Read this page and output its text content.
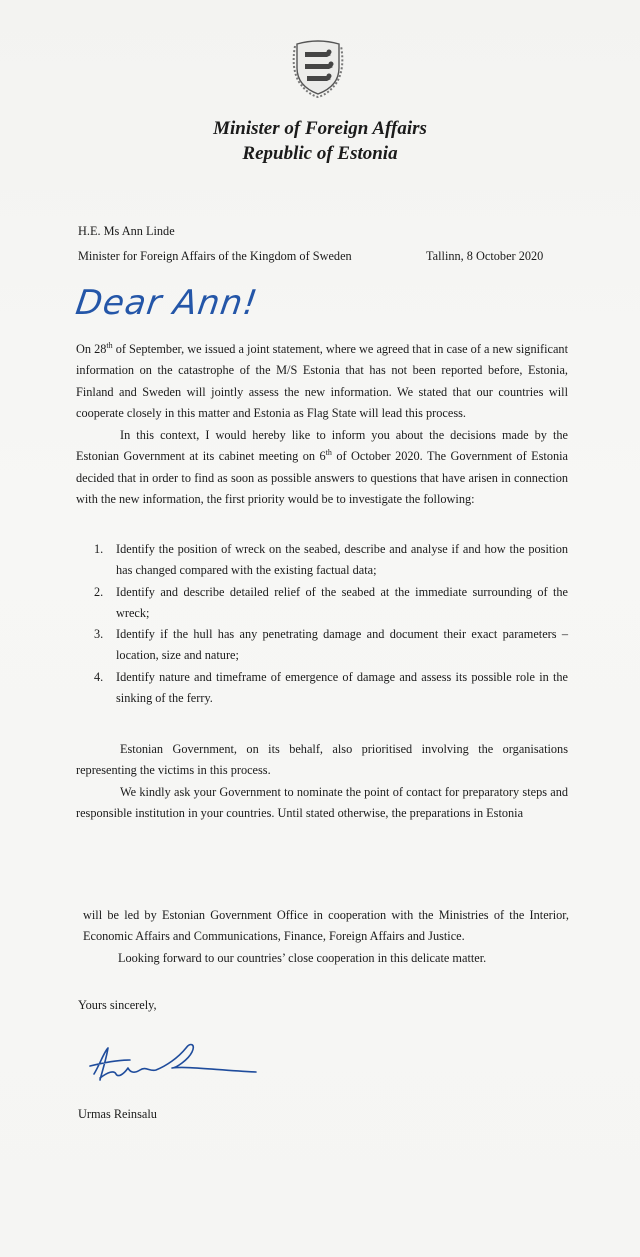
Minister of Foreign Affairs
Republic of Estonia
H.E. Ms Ann Linde
Minister for Foreign Affairs of the Kingdom of Sweden	Tallinn, 8 October 2020
Dear Ann!
On 28th of September, we issued a joint statement, where we agreed that in case of a new significant information on the catastrophe of the M/S Estonia that has not been reported before, Estonia, Finland and Sweden will jointly assess the new information. We stated that our countries will cooperate closely in this matter and Estonia as Flag State will lead this process.
In this context, I would hereby like to inform you about the decisions made by the Estonian Government at its cabinet meeting on 6th of October 2020. The Government of Estonia decided that in order to find as soon as possible answers to questions that have arisen in connection with the new information, the first priority would be to investigate the following:
1. Identify the position of wreck on the seabed, describe and analyse if and how the position has changed compared with the existing factual data;
2. Identify and describe detailed relief of the seabed at the immediate surrounding of the wreck;
3. Identify if the hull has any penetrating damage and document their exact parameters – location, size and nature;
4. Identify nature and timeframe of emergence of damage and assess its possible role in the sinking of the ferry.
Estonian Government, on its behalf, also prioritised involving the organisations representing the victims in this process.
We kindly ask your Government to nominate the point of contact for preparatory steps and responsible institution in your countries. Until stated otherwise, the preparations in Estonia
will be led by Estonian Government Office in cooperation with the Ministries of the Interior, Economic Affairs and Communications, Finance, Foreign Affairs and Justice.
Looking forward to our countries’ close cooperation in this delicate matter.
Yours sincerely,
Urmas Reinsalu
